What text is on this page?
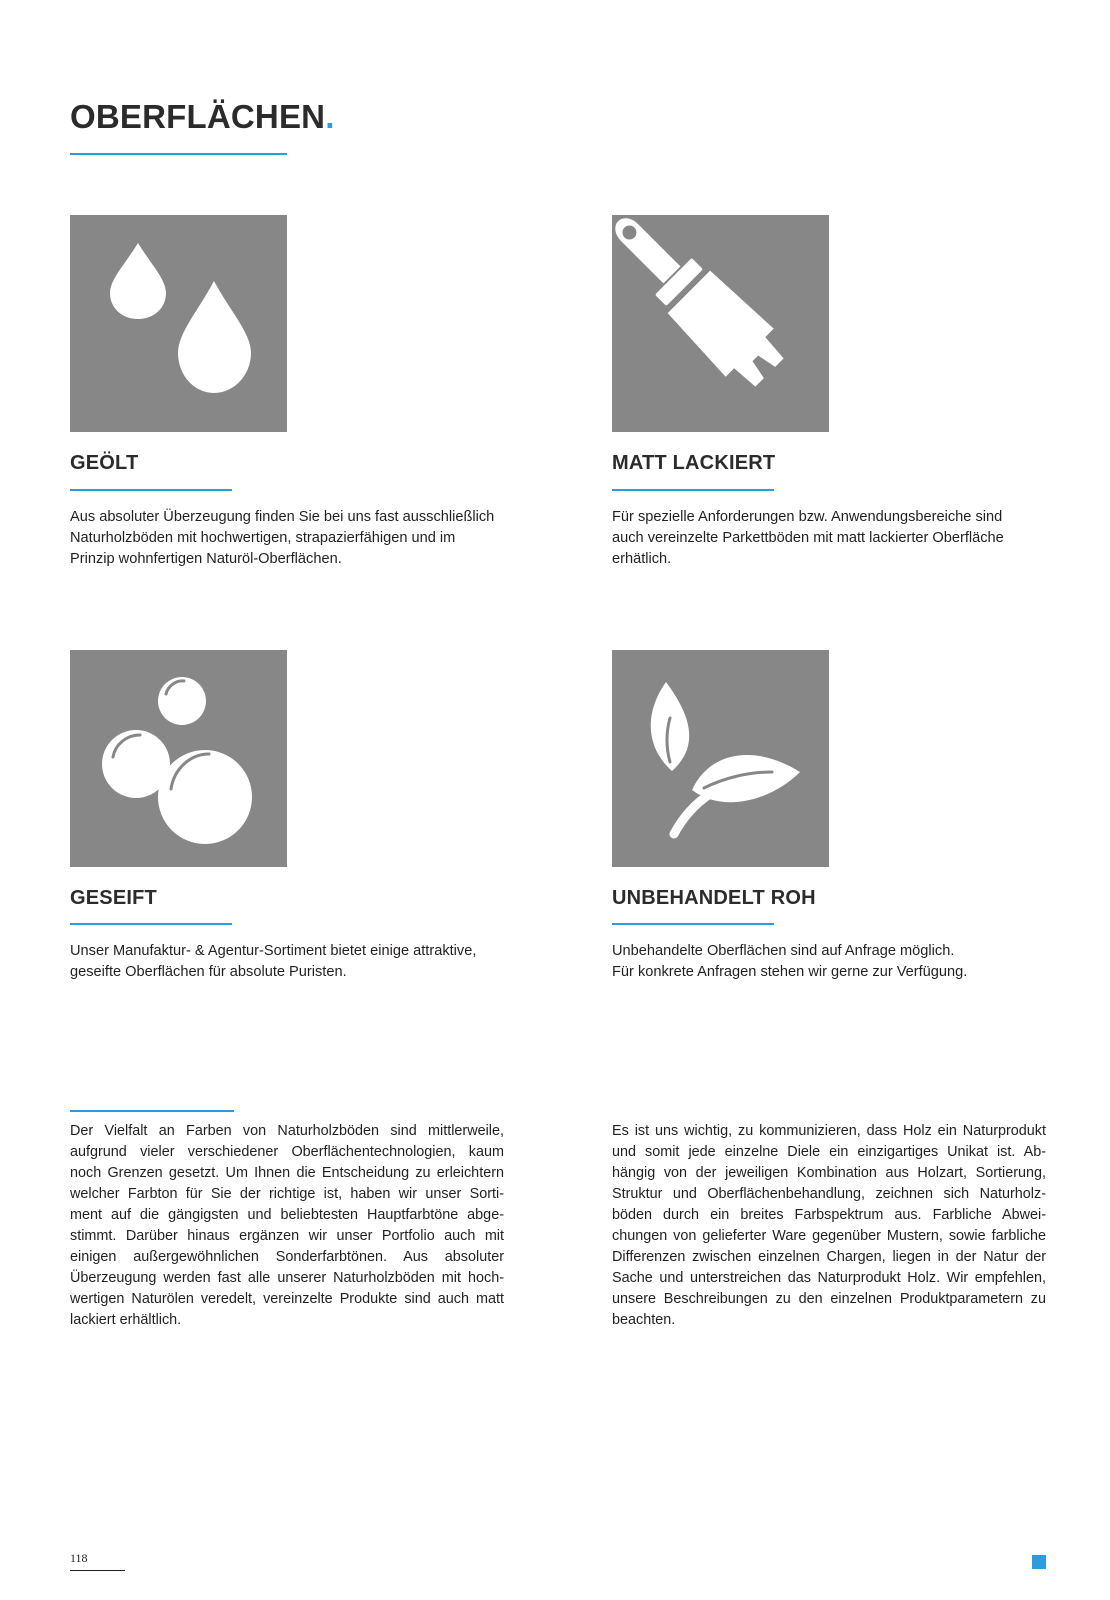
OBERFLÄCHEN.
GEÖLT

Aus absoluter Überzeugung finden Sie bei uns fast ausschließlich
Naturholzböden mit hochwertigen, strapazierfähigen und im
Prinzip wohnfertigen Naturöl-Oberflächen.

MATT LACKIERT

Für spezielle Anforderungen bzw. Anwendungsbereiche sind
auch vereinzelte Parkettböden mit matt lackierter Oberfläche
erhätlich.

GESEIFT

Unser Manufaktur- & Agentur-Sortiment bietet einige attraktive,
geseifte Oberflächen für absolute Puristen.

UNBEHANDELT ROH

Unbehandelte Oberflächen sind auf Anfrage möglich.
Für konkrete Anfragen stehen wir gerne zur Verfügung.

Der Vielfalt an Farben von Naturholzböden sind mittlerweile,
aufgrund vieler verschiedener Oberflächentechnologien, kaum
noch Grenzen gesetzt. Um Ihnen die Entscheidung zu erleichtern
welcher Farbton für Sie der richtige ist, haben wir unser Sorti-
ment auf die gängigsten und beliebtesten Hauptfarbtöne abge-
stimmt. Darüber hinaus ergänzen wir unser Portfolio auch mit
einigen außergewöhnlichen Sonderfarbtönen. Aus absoluter
Überzeugung werden fast alle unserer Naturholzböden mit hoch-
wertigen Naturölen veredelt, vereinzelte Produkte sind auch matt
lackiert erhältlich.

Es ist uns wichtig, zu kommunizieren, dass Holz ein Naturprodukt
und somit jede einzelne Diele ein einzigartiges Unikat ist. Ab-
hängig von der jeweiligen Kombination aus Holzart, Sortierung,
Struktur und Oberflächenbehandlung, zeichnen sich Naturholz-
böden durch ein breites Farbspektrum aus. Farbliche Abwei-
chungen von gelieferter Ware gegenüber Mustern, sowie farbliche
Differenzen zwischen einzelnen Chargen, liegen in der Natur der
Sache und unterstreichen das Naturprodukt Holz. Wir empfehlen,
unsere Beschreibungen zu den einzelnen Produktparametern zu
beachten.

118
